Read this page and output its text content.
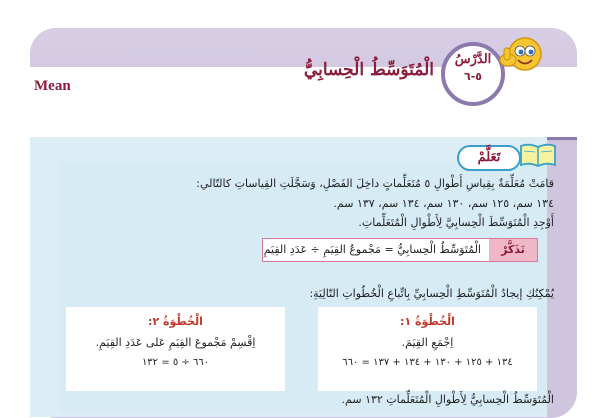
Mean
الْمُتَوَسِّطُ الْحِسابِيُّ
الدَّرْسُ
٥-٦
تَعَلَّمْ
قامَتْ مُعَلِّمَةٌ بِقِياسِ أَطْوالِ ٥ مُتَعَلِّماتٍ داخِلَ الفَصْلِ، وَسَجَّلَتِ القِياساتِ كالتّالي:
١٣٤ سم، ١٢٥ سم، ١٣٠ سم، ١٣٤ سم، ١٣٧ سم.
أَوْجِدِ الْمُتَوَسِّطَ الْحِسابِيَّ لِأَطْوالِ الْمُتَعَلِّماتِ.
تَذَكَّرْ
الْمُتَوَسِّطُ الْحِسابِيُّ = مَجْموعُ القِيَمِ ÷ عَدَدِ القِيَمِ
يُمْكِنُكِ إيجادُ الْمُتَوَسِّطِ الْحِسابِيِّ بِاتِّباعِ الْخُطُواتِ التّالِيَةِ:
الْخُطْوَةُ ١:
اِجْمَعِ القِيَمَ.
١٣٤ + ١٢٥ + ١٣٠ + ١٣٤ + ١٣٧ = ٦٦٠
الْخُطْوَةُ ٢:
اِقْسِمْ مَجْموعَ القِيَمِ عَلى عَدَدِ القِيَمِ.
٦٦٠ ÷ ٥ = ١٣٢
الْمُتَوَسِّطُ الْحِسابِيُّ لِأَطْوالِ الْمُتَعَلِّماتِ ١٣٢ سم.
